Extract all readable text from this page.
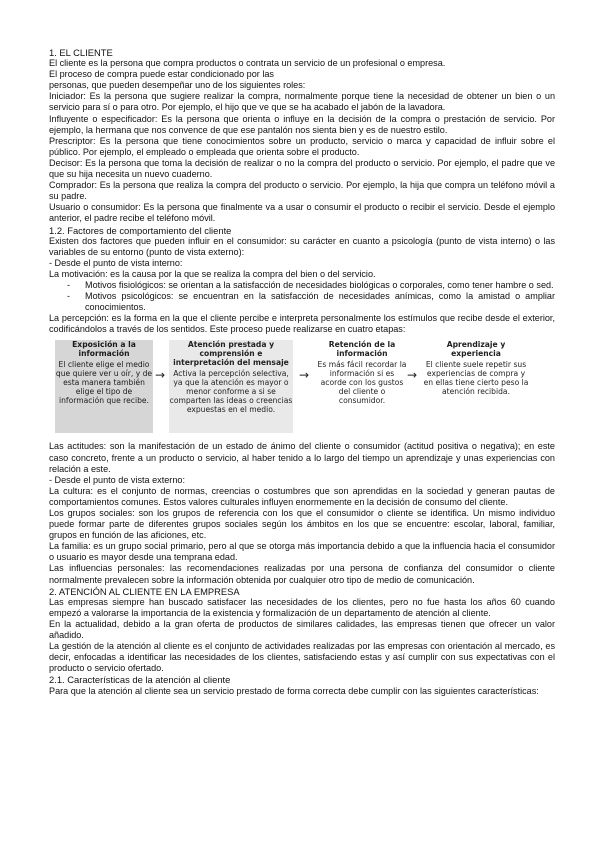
1. EL CLIENTE

El cliente es la persona que compra productos o contrata un servicio de un profesional o empresa.

El proceso de compra puede estar condicionado por las

personas, que pueden desempeñar uno de los siguientes roles:

Iniciador: Es la persona que sugiere realizar la compra, normalmente porque tiene la necesidad de obtener un bien o un servicio para sí o para otro. Por ejemplo, el hijo que ve que se ha acabado el jabón de la lavadora.

Influyente o especificador: Es la persona que orienta o influye en la decisión de la compra o prestación de servicio. Por ejemplo, la hermana que nos convence de que ese pantalón nos sienta bien y es de nuestro estilo.

Prescriptor: Es la persona que tiene conocimientos sobre un producto, servicio o marca y capacidad de influir sobre el público. Por ejemplo, el empleado o empleada que orienta sobre el producto.

Decisor: Es la persona que toma la decisión de realizar o no la compra del producto o servicio. Por ejemplo, el padre que ve que su hija necesita un nuevo cuaderno.

Comprador: Es la persona que realiza la compra del producto o servicio. Por ejemplo, la hija que compra un teléfono móvil a su padre.

Usuario o consumidor: Es la persona que finalmente va a usar o consumir el producto o recibir el servicio. Desde el ejemplo anterior, el padre recibe el teléfono móvil.

1.2. Factores de comportamiento del cliente

Existen dos factores que pueden influir en el consumidor: su carácter en cuanto a psicología (punto de vista interno) o las variables de su entorno (punto de vista externo):

- Desde el punto de vista interno:

La motivación: es la causa por la que se realiza la compra del bien o del servicio.

- Motivos fisiológicos: se orientan a la satisfacción de necesidades biológicas o corporales, como tener hambre o sed.
- Motivos psicológicos: se encuentran en la satisfacción de necesidades anímicas, como la amistad o ampliar conocimientos.

La percepción: es la forma en la que el cliente percibe e interpreta personalmente los estímulos que recibe desde el exterior, codificándolos a través de los sentidos. Este proceso puede realizarse en cuatro etapas:

Exposición a la información
El cliente elige el medio que quiere ver u oír, y de esta manera también elige el tipo de información que recibe.
→
Atención prestada y comprensión e interpretación del mensaje
Activa la percepción selectiva, ya que la atención es mayor o menor conforme a si se comparten las ideas o creencias expuestas en el medio.
→
Retención de la información
Es más fácil recordar la información si es acorde con los gustos del cliente o consumidor.
→
Aprendizaje y experiencia
El cliente suele repetir sus experiencias de compra y en ellas tiene cierto peso la atención recibida.

Las actitudes: son la manifestación de un estado de ánimo del cliente o consumidor (actitud positiva o negativa); en este caso concreto, frente a un producto o servicio, al haber tenido a lo largo del tiempo un aprendizaje y unas experiencias con relación a este.

- Desde el punto de vista externo:

La cultura: es el conjunto de normas, creencias o costumbres que son aprendidas en la sociedad y generan pautas de comportamientos comunes. Estos valores culturales influyen enormemente en la decisión de consumo del cliente.

Los grupos sociales: son los grupos de referencia con los que el consumidor o cliente se identifica. Un mismo individuo puede formar parte de diferentes grupos sociales según los ámbitos en los que se encuentre: escolar, laboral, familiar, grupos en función de las aficiones, etc.

La familia: es un grupo social primario, pero al que se otorga más importancia debido a que la influencia hacia el consumidor o usuario es mayor desde una temprana edad.

Las influencias personales: las recomendaciones realizadas por una persona de confianza del consumidor o cliente normalmente prevalecen sobre la información obtenida por cualquier otro tipo de medio de comunicación.

2. ATENCIÓN AL CLIENTE EN LA EMPRESA

Las empresas siempre han buscado satisfacer las necesidades de los clientes, pero no fue hasta los años 60 cuando empezó a valorarse la importancia de la existencia y formalización de un departamento de atención al cliente.

En la actualidad, debido a la gran oferta de productos de similares calidades, las empresas tienen que ofrecer un valor añadido.

La gestión de la atención al cliente es el conjunto de actividades realizadas por las empresas con orientación al mercado, es decir, enfocadas a identificar las necesidades de los clientes, satisfaciendo estas y así cumplir con sus expectativas con el producto o servicio ofertado.

2.1. Características de la atención al cliente

Para que la atención al cliente sea un servicio prestado de forma correcta debe cumplir con las siguientes características:
